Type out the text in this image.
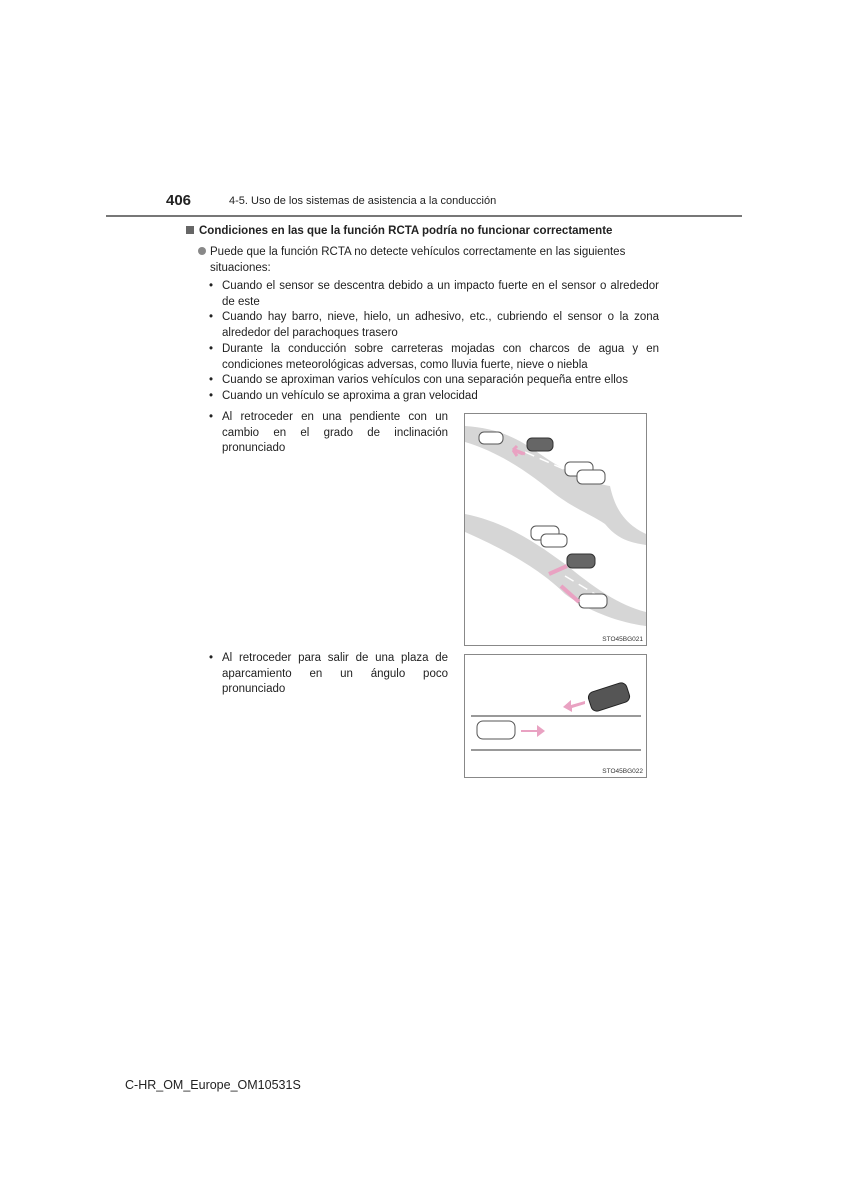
406	4-5. Uso de los sistemas de asistencia a la conducción
Condiciones en las que la función RCTA podría no funcionar correctamente
Puede que la función RCTA no detecte vehículos correctamente en las siguientes
situaciones:
• Cuando el sensor se descentra debido a un impacto fuerte en el sensor o alrededor de este
• Cuando hay barro, nieve, hielo, un adhesivo, etc., cubriendo el sensor o la zona alrededor del parachoques trasero
• Durante la conducción sobre carreteras mojadas con charcos de agua y en condiciones meteorológicas adversas, como lluvia fuerte, nieve o niebla
• Cuando se aproximan varios vehículos con una separación pequeña entre ellos
• Cuando un vehículo se aproxima a gran velocidad
• Al retroceder en una pendiente con un cambio en el grado de inclinación pronunciado
STO45BG021
• Al retroceder para salir de una plaza de aparcamiento en un ángulo poco pronunciado
STO45BG022
C-HR_OM_Europe_OM10531S
